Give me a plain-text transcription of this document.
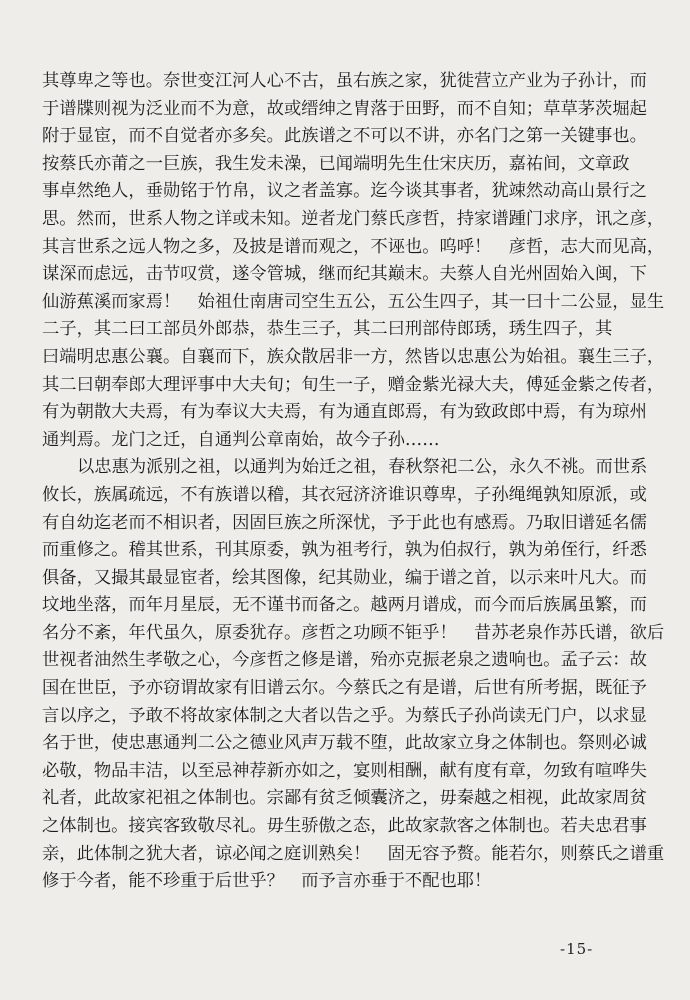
其尊卑之等也。奈世变江河人心不古，虽右族之家，犹徙营立产业为子孙计，而
于谱牒则视为泛业而不为意，故或缙绅之胄落于田野，而不自知；草草茅茨堀起
附于显宦，而不自觉者亦多矣。此族谱之不可以不讲，亦名门之第一关键事也。
按蔡氏亦莆之一巨族，我生发未澡，已闻端明先生仕宋庆历，嘉祐间，文章政
事卓然绝人，垂勋铭于竹帛，议之者盖寡。迄今谈其事者，犹竦然动高山景行之
思。然而，世系人物之详或未知。逆者龙门蔡氏彦哲，持家谱踵门求序，讯之彦，
其言世系之远人物之多，及披是谱而观之，不诬也。呜呼！　彦哲，志大而见高，
谋深而虑远，击节叹赏，遂令管城，继而纪其巅末。夫蔡人自光州固始入闽，下
仙游蕉溪而家焉！　始祖仕南唐司空生五公，五公生四子，其一曰十二公显，显生
二子，其二曰工部员外郎恭，恭生三子，其二曰刑部侍郎琇，琇生四子，其
曰端明忠惠公襄。自襄而下，族众散居非一方，然皆以忠惠公为始祖。襄生三子，
其二曰朝奉郎大理评事中大夫旬；旬生一子，赠金紫光禄大夫，傅延金紫之传者，
有为朝散大夫焉，有为奉议大夫焉，有为通直郎焉，有为致政郎中焉，有为琼州
通判焉。龙门之迁，自通判公章南始，故今子孙……
以忠惠为派别之祖，以通判为始迁之祖，春秋祭祀二公，永久不祧。而世系
攸长，族属疏远，不有族谱以稽，其衣冠济济谁识尊卑，子孙绳绳孰知原派，或
有自幼迄老而不相识者，因固巨族之所深忧，予于此也有感焉。乃取旧谱延名儒
而重修之。稽其世系，刊其原委，孰为祖考行，孰为伯叔行，孰为弟侄行，纤悉
俱备，又撮其最显宦者，绘其图像，纪其勋业，编于谱之首，以示来叶凡大。而
坟地坐落，而年月星辰，无不谨书而备之。越两月谱成，而今而后族属虽繁，而
名分不紊，年代虽久，原委犹存。彦哲之功顾不钜乎！　昔苏老泉作苏氏谱，欲后
世视者油然生孝敬之心，今彦哲之修是谱，殆亦克振老泉之遗响也。孟子云：故
国在世臣，予亦窃谓故家有旧谱云尔。今蔡氏之有是谱，后世有所考据，既征予
言以序之，予敢不将故家体制之大者以告之乎。为蔡氏子孙尚读无门户，以求显
名于世，使忠惠通判二公之德业风声万载不堕，此故家立身之体制也。祭则必诚
必敬，物品丰洁，以至忌神荐新亦如之，宴则相酬，献有度有章，勿致有喧哗失
礼者，此故家祀祖之体制也。宗鄙有贫乏倾囊济之，毋秦越之相视，此故家周贫
之体制也。接宾客致敬尽礼。毋生骄傲之态，此故家款客之体制也。若夫忠君事
亲，此体制之犹大者，谅必闻之庭训熟矣！　固无容予赘。能若尔，则蔡氏之谱重
修于今者，能不珍重于后世乎？　而予言亦垂于不配也耶！
-15-
